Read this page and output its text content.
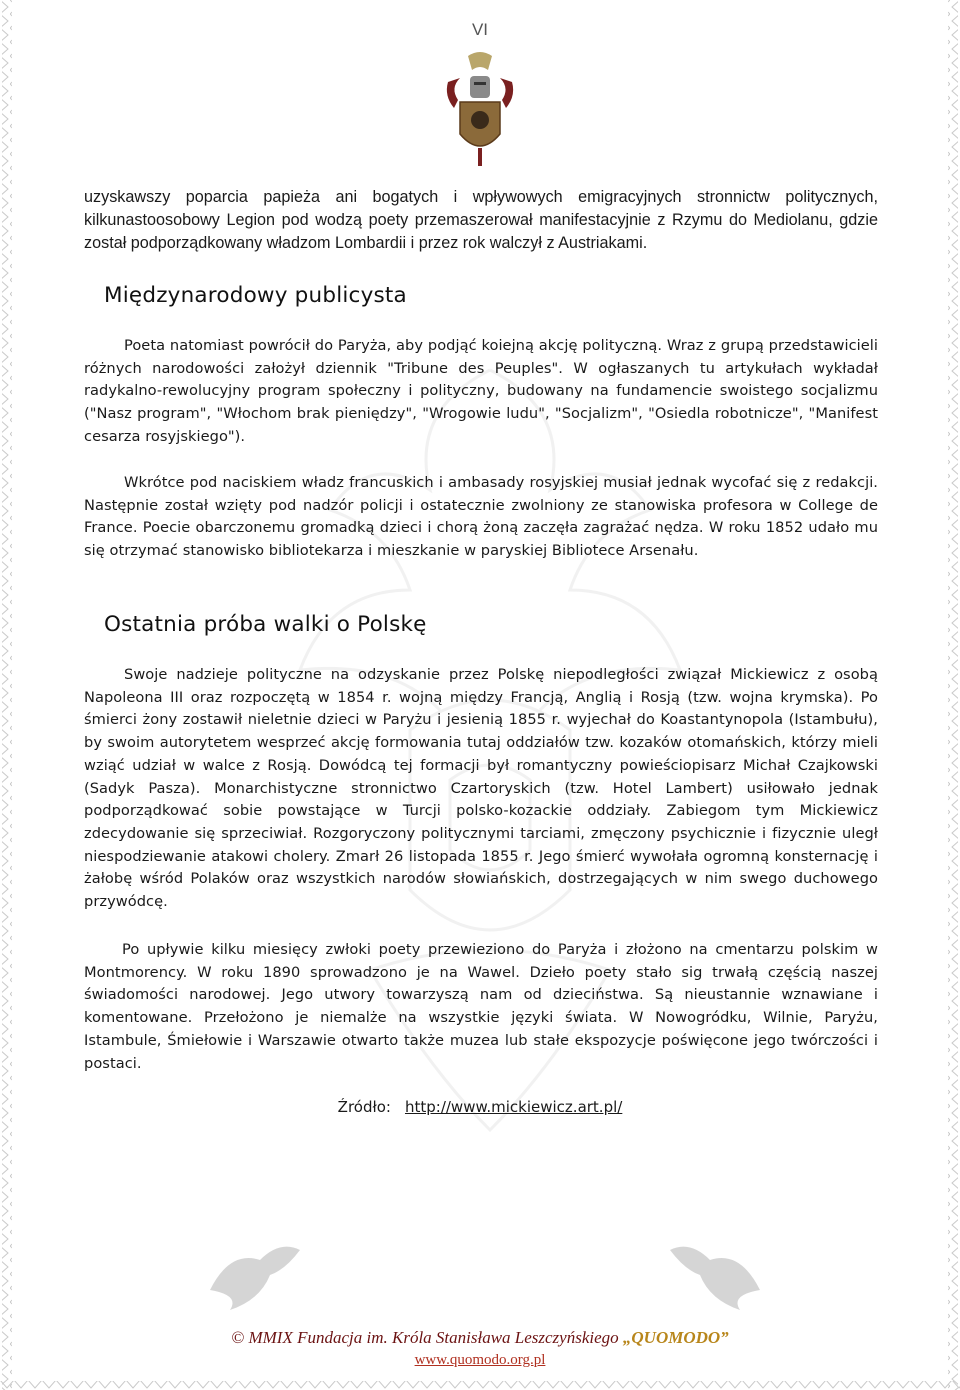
VI

uzyskawszy poparcia papieża ani bogatych i wpływowych emigracyjnych stronnictw politycznych, kilkunastoosobowy Legion pod wodzą poety przemaszerował manifestacyjnie z Rzymu do Mediolanu, gdzie został podporządkowany władzom Lombardii i przez rok walczył z Austriakami.

Międzynarodowy publicysta

Poeta natomiast powrócił do Paryża, aby podjąć koiejną akcję polityczną. Wraz z grupą przedstawicieli różnych narodowości założył dziennik "Tribune des Peuples". W ogłaszanych tu artykułach wykładał radykalno-rewolucyjny program społeczny i polityczny, budowany na fundamencie swoistego socjalizmu ("Nasz program", "Włochom brak pieniędzy", "Wrogowie ludu", "Socjalizm", "Osiedla robotnicze", "Manifest cesarza rosyjskiego").

Wkrótce pod naciskiem władz francuskich i ambasady rosyjskiej musiał jednak wycofać się z redakcji. Następnie został wzięty pod nadzór policji i ostatecznie zwolniony ze stanowiska profesora w College de France. Poecie obarczonemu gromadką dzieci i chorą żoną zaczęła zagrażać nędza. W roku 1852 udało mu się otrzymać stanowisko bibliotekarza i mieszkanie w paryskiej Bibliotece Arsenału.

Ostatnia próba walki o Polskę

Swoje nadzieje polityczne na odzyskanie przez Polskę niepodległości związał Mickiewicz z osobą Napoleona III oraz rozpoczętą w 1854 r. wojną między Francją, Anglią i Rosją (tzw. wojna krymska). Po śmierci żony zostawił nieletnie dzieci w Paryżu i jesienią 1855 r. wyjechał do Koastantynopola (Istambułu), by swoim autorytetem wesprzeć akcję formowania tutaj oddziałów tzw. kozaków otomańskich, którzy mieli wziąć udział w walce z Rosją. Dowódcą tej formacji był romantyczny powieściopisarz Michał Czajkowski (Sadyk Pasza). Monarchistyczne stronnictwo Czartoryskich (tzw. Hotel Lambert) usiłowało jednak podporządkować sobie powstające w Turcji polsko-kozackie oddziały. Zabiegom tym Mickiewicz zdecydowanie się sprzeciwiał. Rozgoryczony politycznymi tarciami, zmęczony psychicznie i fizycznie uległ niespodziewanie atakowi cholery. Zmarł 26 listopada 1855 r. Jego śmierć wywołała ogromną konsternację i żałobę wśród Polaków oraz wszystkich narodów słowiańskich, dostrzegających w nim swego duchowego przywódcę.

Po upływie kilku miesięcy zwłoki poety przewieziono do Paryża i złożono na cmentarzu polskim w Montmorency. W roku 1890 sprowadzono je na Wawel. Dzieło poety stało sig trwałą częścią naszej świadomości narodowej. Jego utwory towarzyszą nam od dzieciństwa. Są nieustannie wznawiane i komentowane. Przełożono je niemalże na wszystkie języki świata. W Nowogródku, Wilnie, Paryżu, Istambule, Śmiełowie i Warszawie otwarto także muzea lub stałe ekspozycje poświęcone jego twórczości i postaci.

Źródło: http://www.mickiewicz.art.pl/
© MMIX Fundacja im. Króla Stanisława Leszczyńskiego „QUOMODO”
www.quomodo.org.pl
